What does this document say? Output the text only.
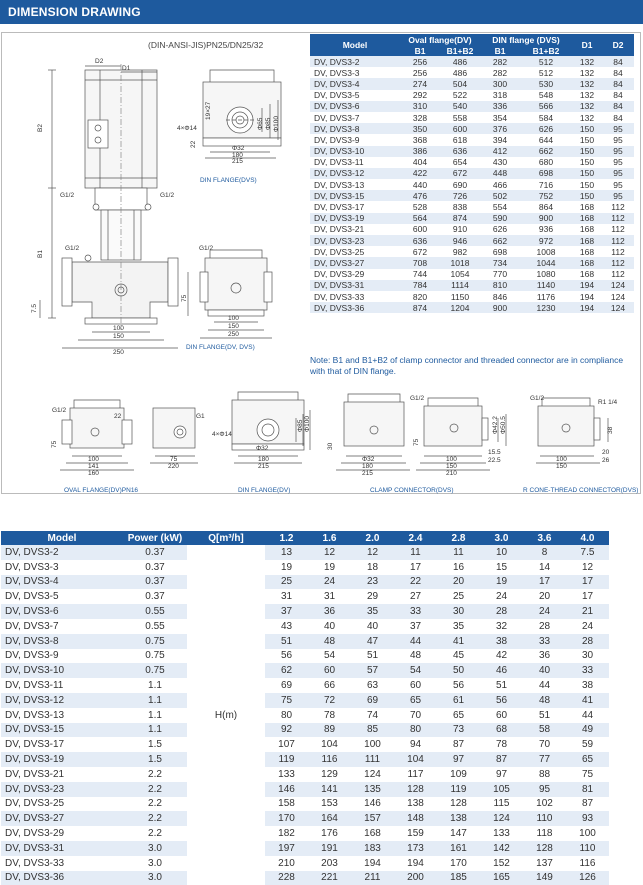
DIMENSION DRAWING
(DIN-ANSI-JIS)PN25/DN25/32
D2
D1
B2
B1
G1/2	G1/2
G1/2
7.5
100
150
250
4×Φ14
19×27
22
Φ32
180
215
Φ65 Φ85 Φ100
G1/2
75
100
150
250
G1/2
22
75
100
141
160
G1
75
220
4×Φ14
Φ32
180
215
Φ85 Φ100
30
Φ32
180
215
G1/2
75
100
150
210
15.5
22.5
Φ42.2 Φ50.5
G1/2
R1 1/4
100
150
20
26
38
DIN FLANGE(DVS)
DIN FLANGE(DV, DVS)
OVAL FLANGE(DV)PN16	DIN FLANGE(DV)	CLAMP CONNECTOR(DVS)	R CONE-THREAD CONNECTOR(DVS)
Model	Oval flange(DV)		DIN flange (DVS)		D1	D2
	B1	B1+B2	B1	B1+B2		
DV, DVS3-2	256	486	282	512	132	84
DV, DVS3-3	256	486	282	512	132	84
DV, DVS3-4	274	504	300	530	132	84
DV, DVS3-5	292	522	318	548	132	84
DV, DVS3-6	310	540	336	566	132	84
DV, DVS3-7	328	558	354	584	132	84
DV, DVS3-8	350	600	376	626	150	95
DV, DVS3-9	368	618	394	644	150	95
DV, DVS3-10	386	636	412	662	150	95
DV, DVS3-11	404	654	430	680	150	95
DV, DVS3-12	422	672	448	698	150	95
DV, DVS3-13	440	690	466	716	150	95
DV, DVS3-15	476	726	502	752	150	95
DV, DVS3-17	528	838	554	864	168	112
DV, DVS3-19	564	874	590	900	168	112
DV, DVS3-21	600	910	626	936	168	112
DV, DVS3-23	636	946	662	972	168	112
DV, DVS3-25	672	982	698	1008	168	112
DV, DVS3-27	708	1018	734	1044	168	112
DV, DVS3-29	744	1054	770	1080	168	112
DV, DVS3-31	784	1114	810	1140	194	124
DV, DVS3-33	820	1150	846	1176	194	124
DV, DVS3-36	874	1204	900	1230	194	124
Note: B1 and B1+B2 of clamp connector and threaded connector are in compliance with that of DIN flange.
Model	Power (kW)	Q[m³/h]	1.2	1.6	2.0	2.4	2.8	3.0	3.6	4.0
DV, DVS3-2	0.37		13	12	12	11	11	10	8	7.5
DV, DVS3-3	0.37		19	19	18	17	16	15	14	12
DV, DVS3-4	0.37		25	24	23	22	20	19	17	17
DV, DVS3-5	0.37		31	31	29	27	25	24	20	17
DV, DVS3-6	0.55		37	36	35	33	30	28	24	21
DV, DVS3-7	0.55		43	40	40	37	35	32	28	24
DV, DVS3-8	0.75		51	48	47	44	41	38	33	28
DV, DVS3-9	0.75		56	54	51	48	45	42	36	30
DV, DVS3-10	0.75		62	60	57	54	50	46	40	33
DV, DVS3-11	1.1		69	66	63	60	56	51	44	38
DV, DVS3-12	1.1		75	72	69	65	61	56	48	41
DV, DVS3-13	1.1	H(m)	80	78	74	70	65	60	51	44
DV, DVS3-15	1.1		92	89	85	80	73	68	58	49
DV, DVS3-17	1.5		107	104	100	94	87	78	70	59
DV, DVS3-19	1.5		119	116	111	104	97	87	77	65
DV, DVS3-21	2.2		133	129	124	117	109	97	88	75
DV, DVS3-23	2.2		146	141	135	128	119	105	95	81
DV, DVS3-25	2.2		158	153	146	138	128	115	102	87
DV, DVS3-27	2.2		170	164	157	148	138	124	110	93
DV, DVS3-29	2.2		182	176	168	159	147	133	118	100
DV, DVS3-31	3.0		197	191	183	173	161	142	128	110
DV, DVS3-33	3.0		210	203	194	194	170	152	137	116
DV, DVS3-36	3.0		228	221	211	200	185	165	149	126
